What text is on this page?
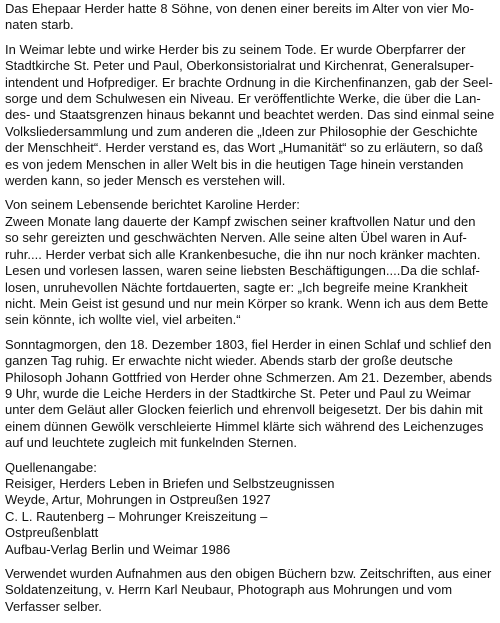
Das Ehepaar Herder hatte 8 Söhne, von denen einer bereits im Alter von vier Mo-
naten starb.
In Weimar lebte und wirke Herder bis zu seinem Tode. Er wurde Oberpfarrer der
Stadtkirche St. Peter und Paul, Oberkonsistorialrat und Kirchenrat, Generalsuper-
intendent und Hofprediger. Er brachte Ordnung in die Kirchenfinanzen, gab der Seel-
sorge und dem Schulwesen ein Niveau. Er veröffentlichte Werke, die über die Lan-
des- und Staatsgrenzen hinaus bekannt und beachtet werden. Das sind einmal seine
Volksliedersammlung und zum anderen die „Ideen zur Philosophie der Geschichte
der Menschheit“. Herder verstand es, das Wort „Humanität“ so zu erläutern, so daß
es von jedem Menschen in aller Welt bis in die heutigen Tage hinein verstanden
werden kann, so jeder Mensch es verstehen will.
Von seinem Lebensende berichtet Karoline Herder:
Zween Monate lang dauerte der Kampf zwischen seiner kraftvollen Natur und den
so sehr gereizten und geschwächten Nerven. Alle seine alten Übel waren in Auf-
ruhr.... Herder verbat sich alle Krankenbesuche, die ihn nur noch kränker machten.
Lesen und vorlesen lassen, waren seine liebsten Beschäftigungen....Da die schlaf-
losen, unruhevollen Nächte fortdauerten, sagte er: „Ich begreife meine Krankheit
nicht. Mein Geist ist gesund und nur mein Körper so krank. Wenn ich aus dem Bette
sein könnte, ich wollte viel, viel arbeiten.“
Sonntagmorgen, den 18. Dezember 1803, fiel Herder in einen Schlaf und schlief den
ganzen Tag ruhig. Er erwachte nicht wieder. Abends starb der große deutsche
Philosoph Johann Gottfried von Herder ohne Schmerzen. Am 21. Dezember, abends
9 Uhr, wurde die Leiche Herders in der Stadtkirche St. Peter und Paul zu Weimar
unter dem Geläut aller Glocken feierlich und ehrenvoll beigesetzt. Der bis dahin mit
einem dünnen Gewölk verschleierte Himmel klärte sich während des Leichenzuges
auf und leuchtete zugleich mit funkelnden Sternen.
Quellenangabe:
Reisiger, Herders Leben in Briefen und Selbstzeugnissen
Weyde, Artur, Mohrungen in Ostpreußen 1927
C. L. Rautenberg – Mohrunger Kreiszeitung –
Ostpreußenblatt
Aufbau-Verlag Berlin und Weimar 1986
Verwendet wurden Aufnahmen aus den obigen Büchern bzw. Zeitschriften, aus einer
Soldatenzeitung, v. Herrn Karl Neubaur, Photograph aus Mohrungen und vom
Verfasser selber.
